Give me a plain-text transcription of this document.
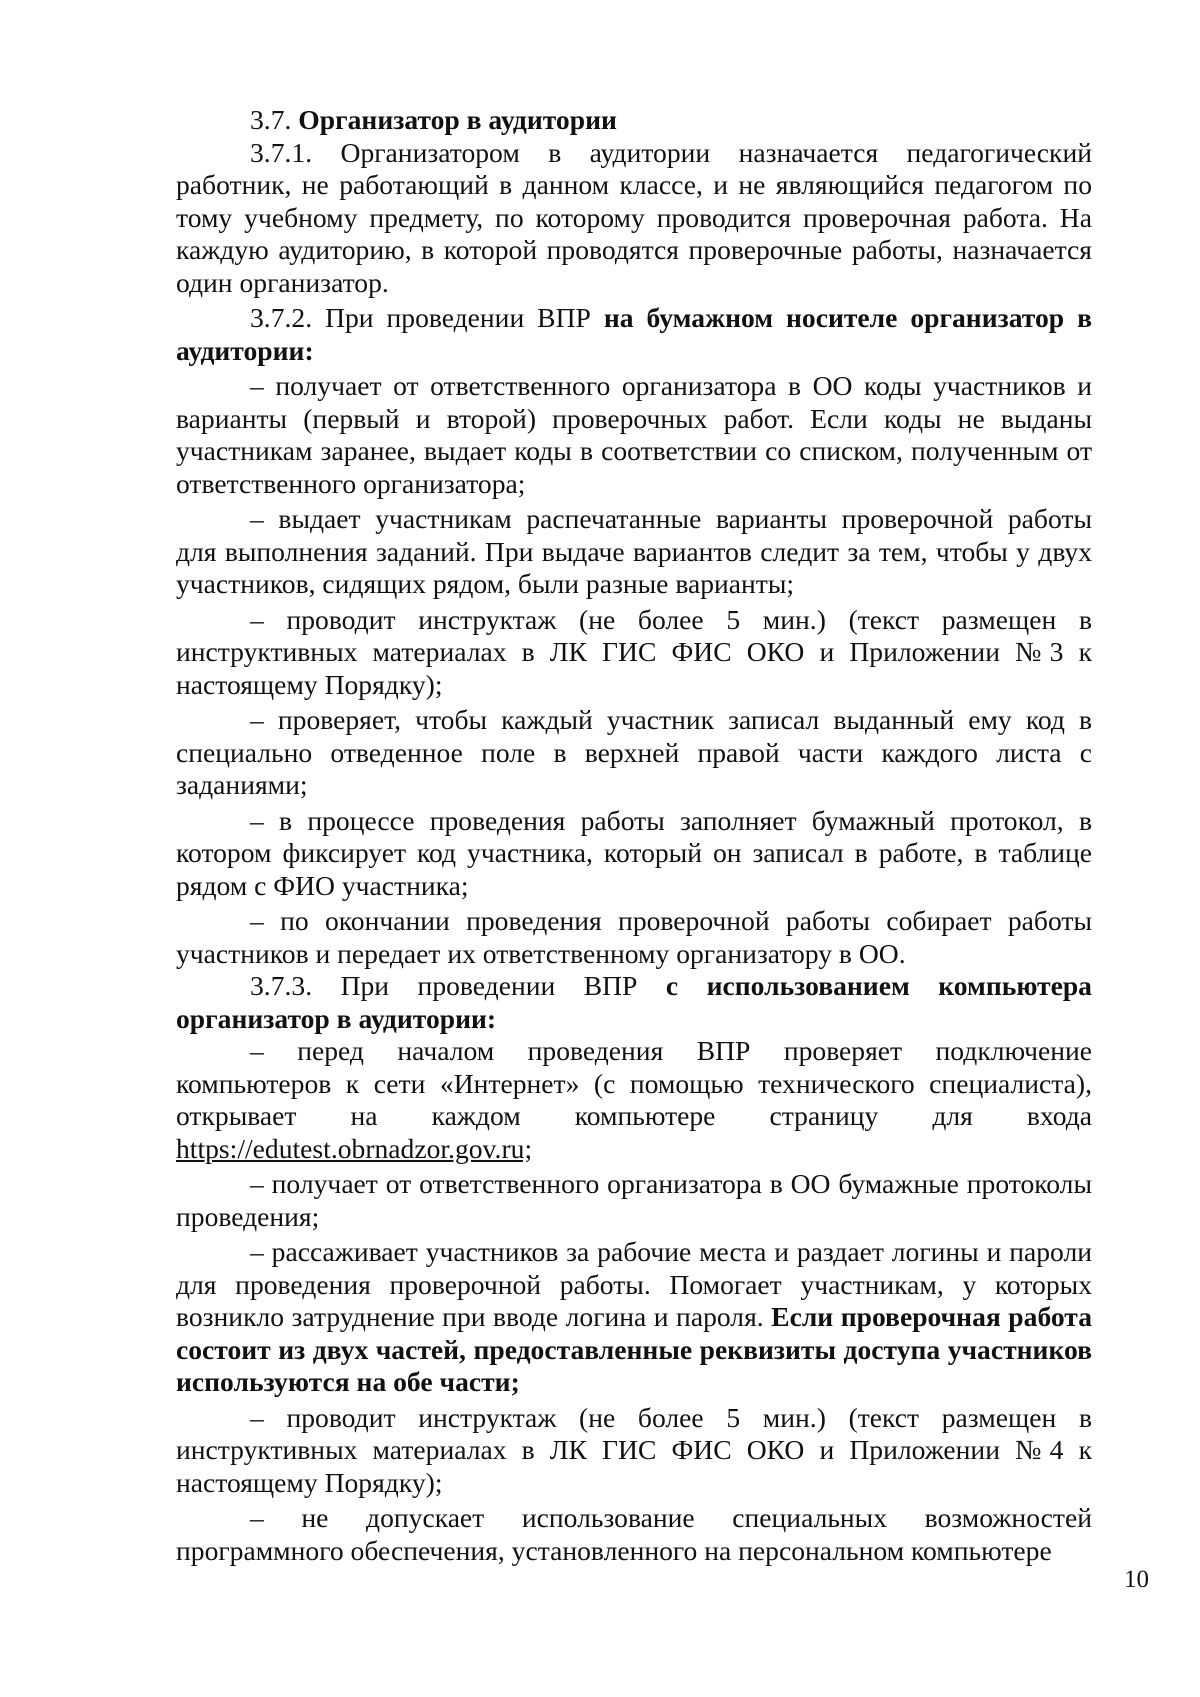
3.7. Организатор в аудитории

3.7.1. Организатором в аудитории назначается педагогический работник, не работающий в данном классе, и не являющийся педагогом по тому учебному предмету, по которому проводится проверочная работа. На каждую аудиторию, в которой проводятся проверочные работы, назначается один организатор.

3.7.2. При проведении ВПР на бумажном носителе организатор в аудитории:

– получает от ответственного организатора в ОО коды участников и варианты (первый и второй) проверочных работ. Если коды не выданы участникам заранее, выдает коды в соответствии со списком, полученным от ответственного организатора;

– выдает участникам распечатанные варианты проверочной работы для выполнения заданий. При выдаче вариантов следит за тем, чтобы у двух участников, сидящих рядом, были разные варианты;

– проводит инструктаж (не более 5 мин.) (текст размещен в инструктивных материалах в ЛК ГИС ФИС ОКО и Приложении №3 к настоящему Порядку);

– проверяет, чтобы каждый участник записал выданный ему код в специально отведенное поле в верхней правой части каждого листа с заданиями;

– в процессе проведения работы заполняет бумажный протокол, в котором фиксирует код участника, который он записал в работе, в таблице рядом с ФИО участника;

– по окончании проведения проверочной работы собирает работы участников и передает их ответственному организатору в ОО.

3.7.3. При проведении ВПР с использованием компьютера организатор в аудитории:

– перед началом проведения ВПР проверяет подключение компьютеров к сети «Интернет» (с помощью технического специалиста), открывает на каждом компьютере страницу для входа https://edutest.obrnadzor.gov.ru;

– получает от ответственного организатора в ОО бумажные протоколы проведения;

– рассаживает участников за рабочие места и раздает логины и пароли для проведения проверочной работы. Помогает участникам, у которых возникло затруднение при вводе логина и пароля. Если проверочная работа состоит из двух частей, предоставленные реквизиты доступа участников используются на обе части;

– проводит инструктаж (не более 5 мин.) (текст размещен в инструктивных материалах в ЛК ГИС ФИС ОКО и Приложении №4 к настоящему Порядку);

– не допускает использование специальных возможностей программного обеспечения, установленного на персональном компьютере

10
